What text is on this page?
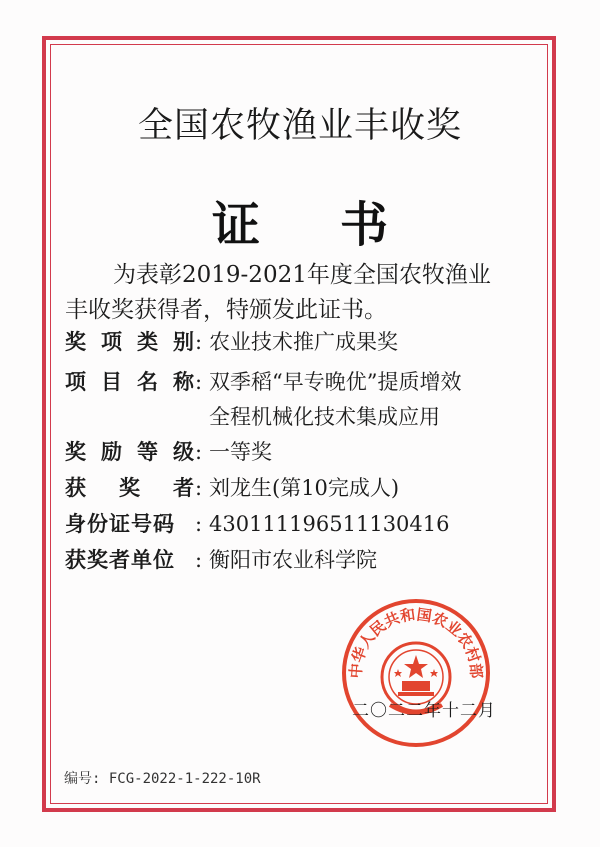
全国农牧渔业丰收奖
证 书
为表彰2019-2021年度全国农牧渔业
丰收奖获得者，特颁发此证书。
奖项类别: 农业技术推广成果奖
项目名称: 双季稻“早专晚优”提质增效
全程机械化技术集成应用
奖励等级: 一等奖
获奖者: 刘龙生(第10完成人)
身份证号码 : 430111196511130416
获奖者单位 : 衡阳市农业科学院
中华人民共和国农业农村部
二〇二二年十二月
编号: FCG-2022-1-222-10R
